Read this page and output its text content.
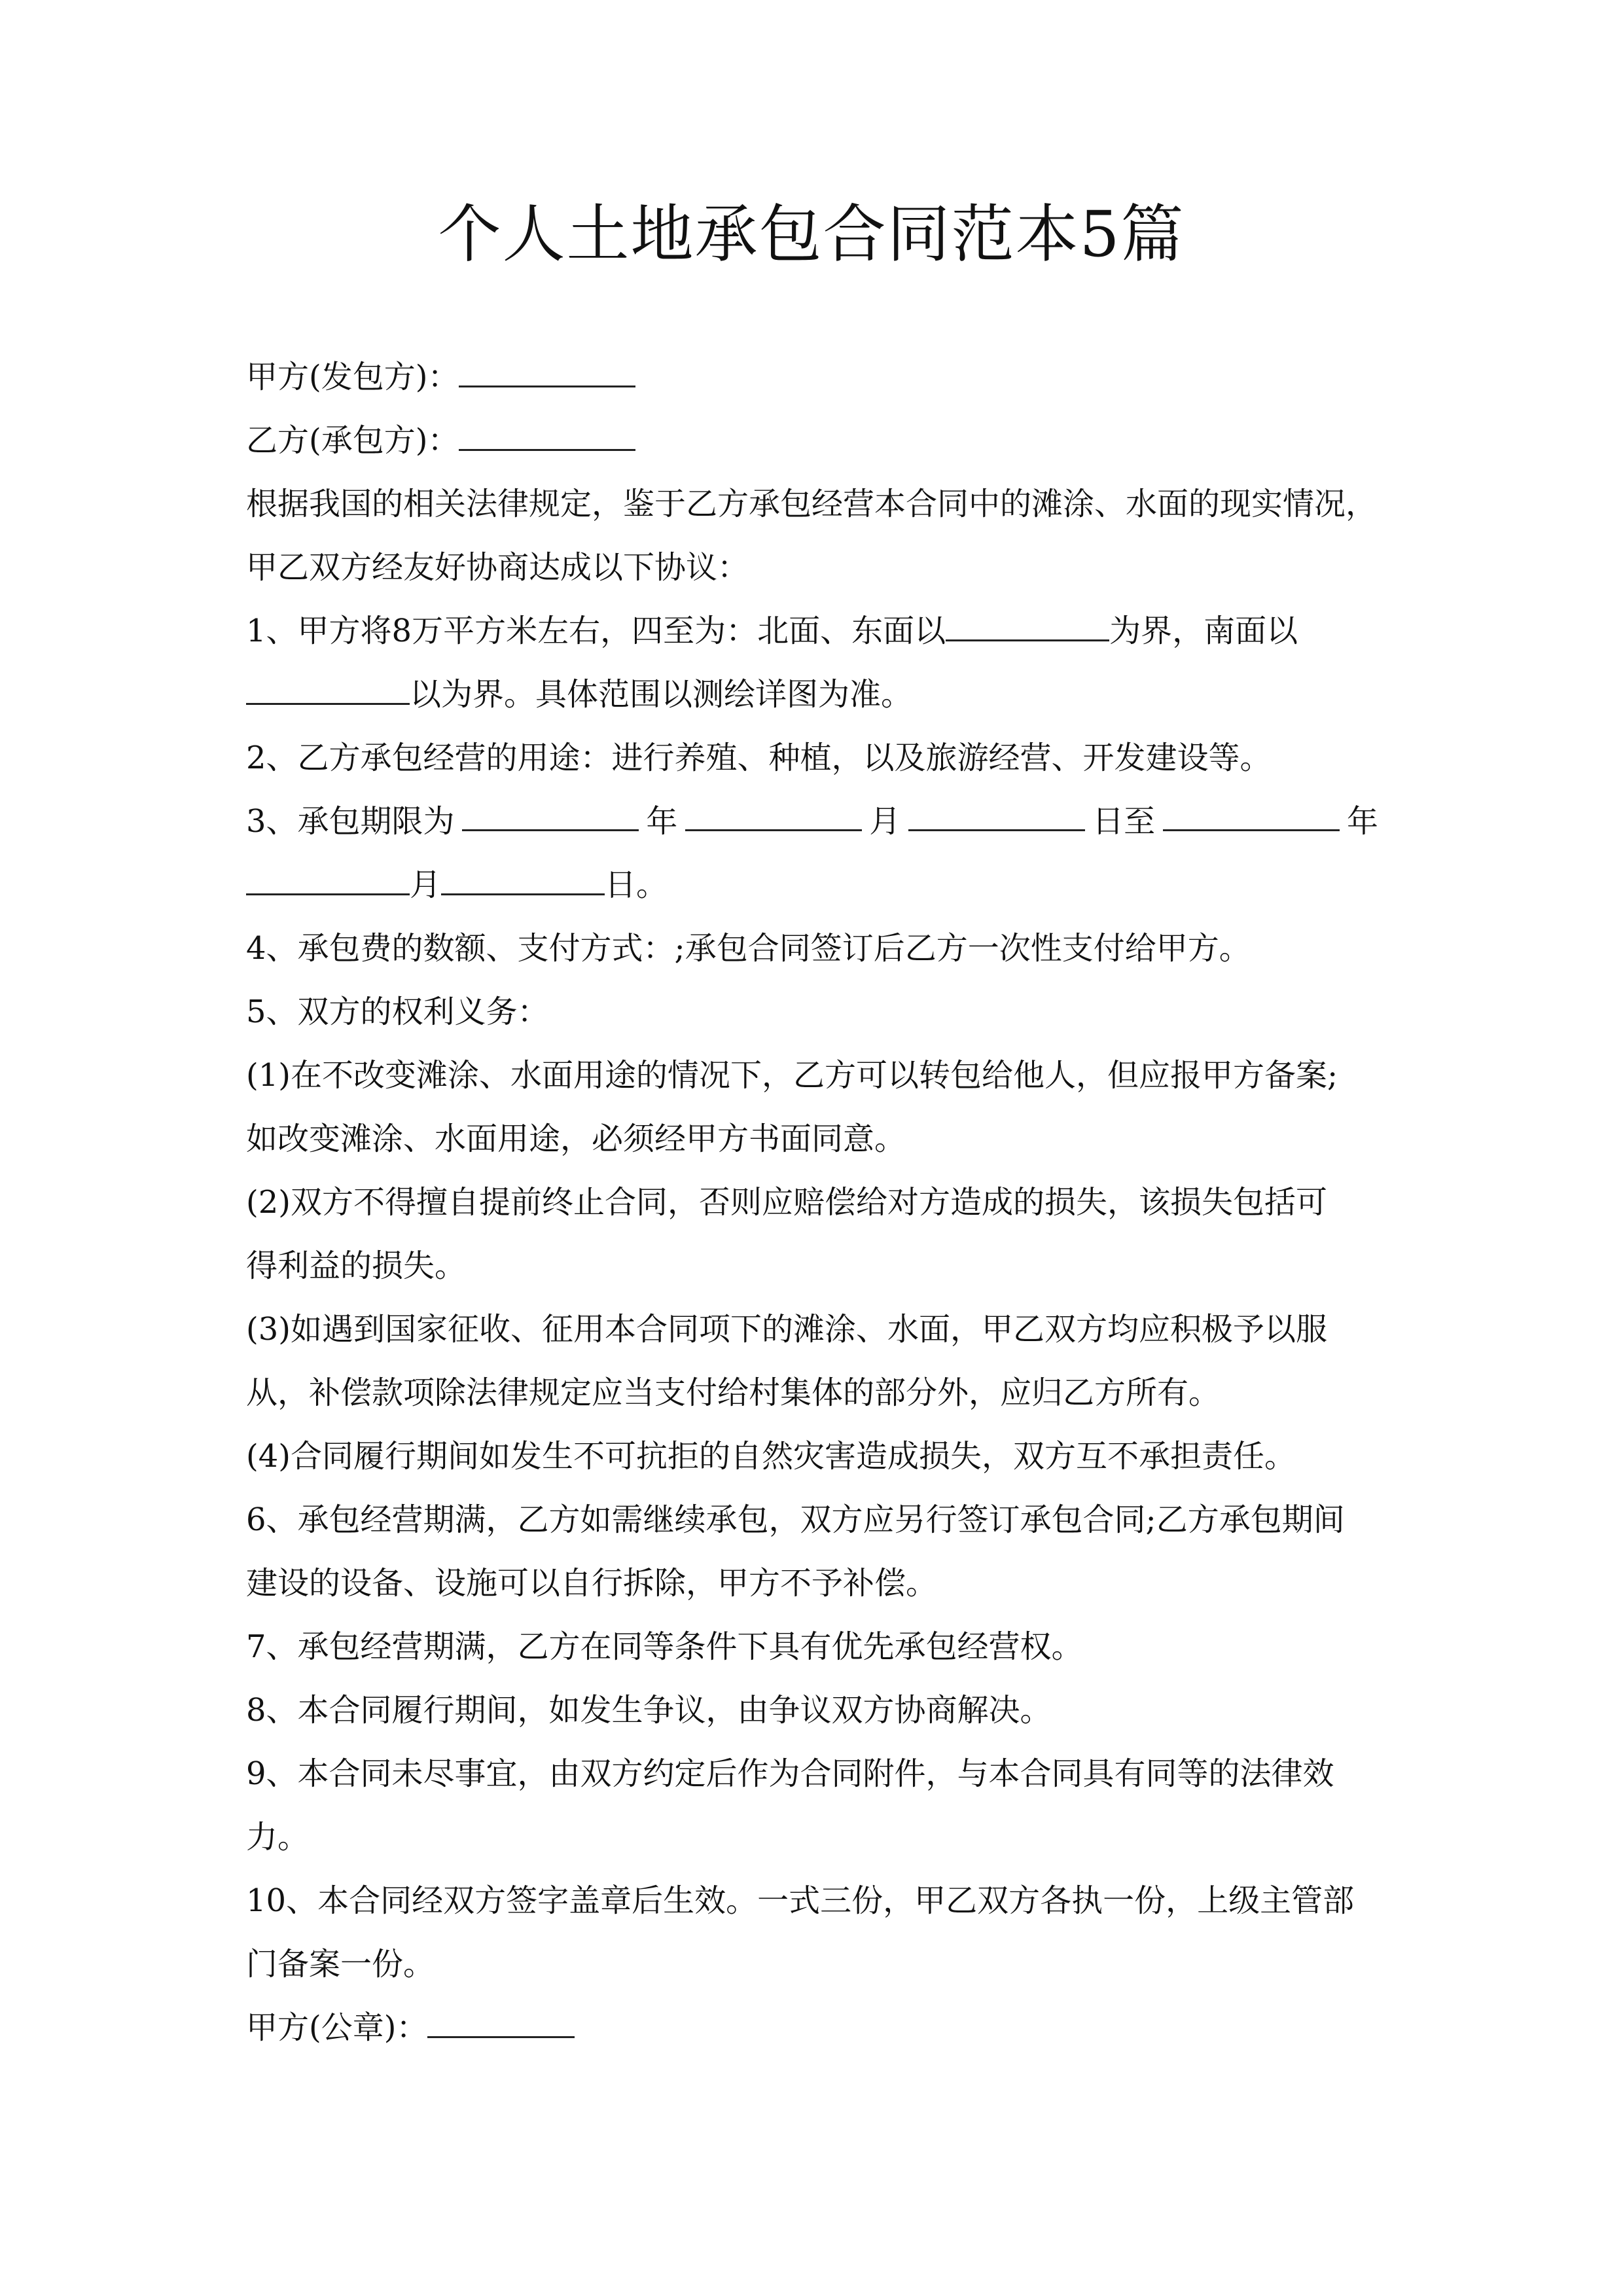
个人土地承包合同范本5篇
甲方(发包方)：
乙方(承包方)：
根据我国的相关法律规定，鉴于乙方承包经营本合同中的滩涂、水面的现实情况，
甲乙双方经友好协商达成以下协议：
1、甲方将8万平方米左右，四至为：北面、东面以	为界，南面以
以为界。具体范围以测绘详图为准。
2、乙方承包经营的用途：进行养殖、种植，以及旅游经营、开发建设等。
3、承包期限为	年	月	日至	年
月	日。
4、承包费的数额、支付方式：;承包合同签订后乙方一次性支付给甲方。
5、双方的权利义务：
(1)在不改变滩涂、水面用途的情况下，乙方可以转包给他人，但应报甲方备案;
如改变滩涂、水面用途，必须经甲方书面同意。
(2)双方不得擅自提前终止合同，否则应赔偿给对方造成的损失，该损失包括可
得利益的损失。
(3)如遇到国家征收、征用本合同项下的滩涂、水面，甲乙双方均应积极予以服
从，补偿款项除法律规定应当支付给村集体的部分外，应归乙方所有。
(4)合同履行期间如发生不可抗拒的自然灾害造成损失，双方互不承担责任。
6、承包经营期满，乙方如需继续承包，双方应另行签订承包合同;乙方承包期间
建设的设备、设施可以自行拆除，甲方不予补偿。
7、承包经营期满，乙方在同等条件下具有优先承包经营权。
8、本合同履行期间，如发生争议，由争议双方协商解决。
9、本合同未尽事宜，由双方约定后作为合同附件，与本合同具有同等的法律效
力。
10、本合同经双方签字盖章后生效。一式三份，甲乙双方各执一份，上级主管部
门备案一份。
甲方(公章)：
